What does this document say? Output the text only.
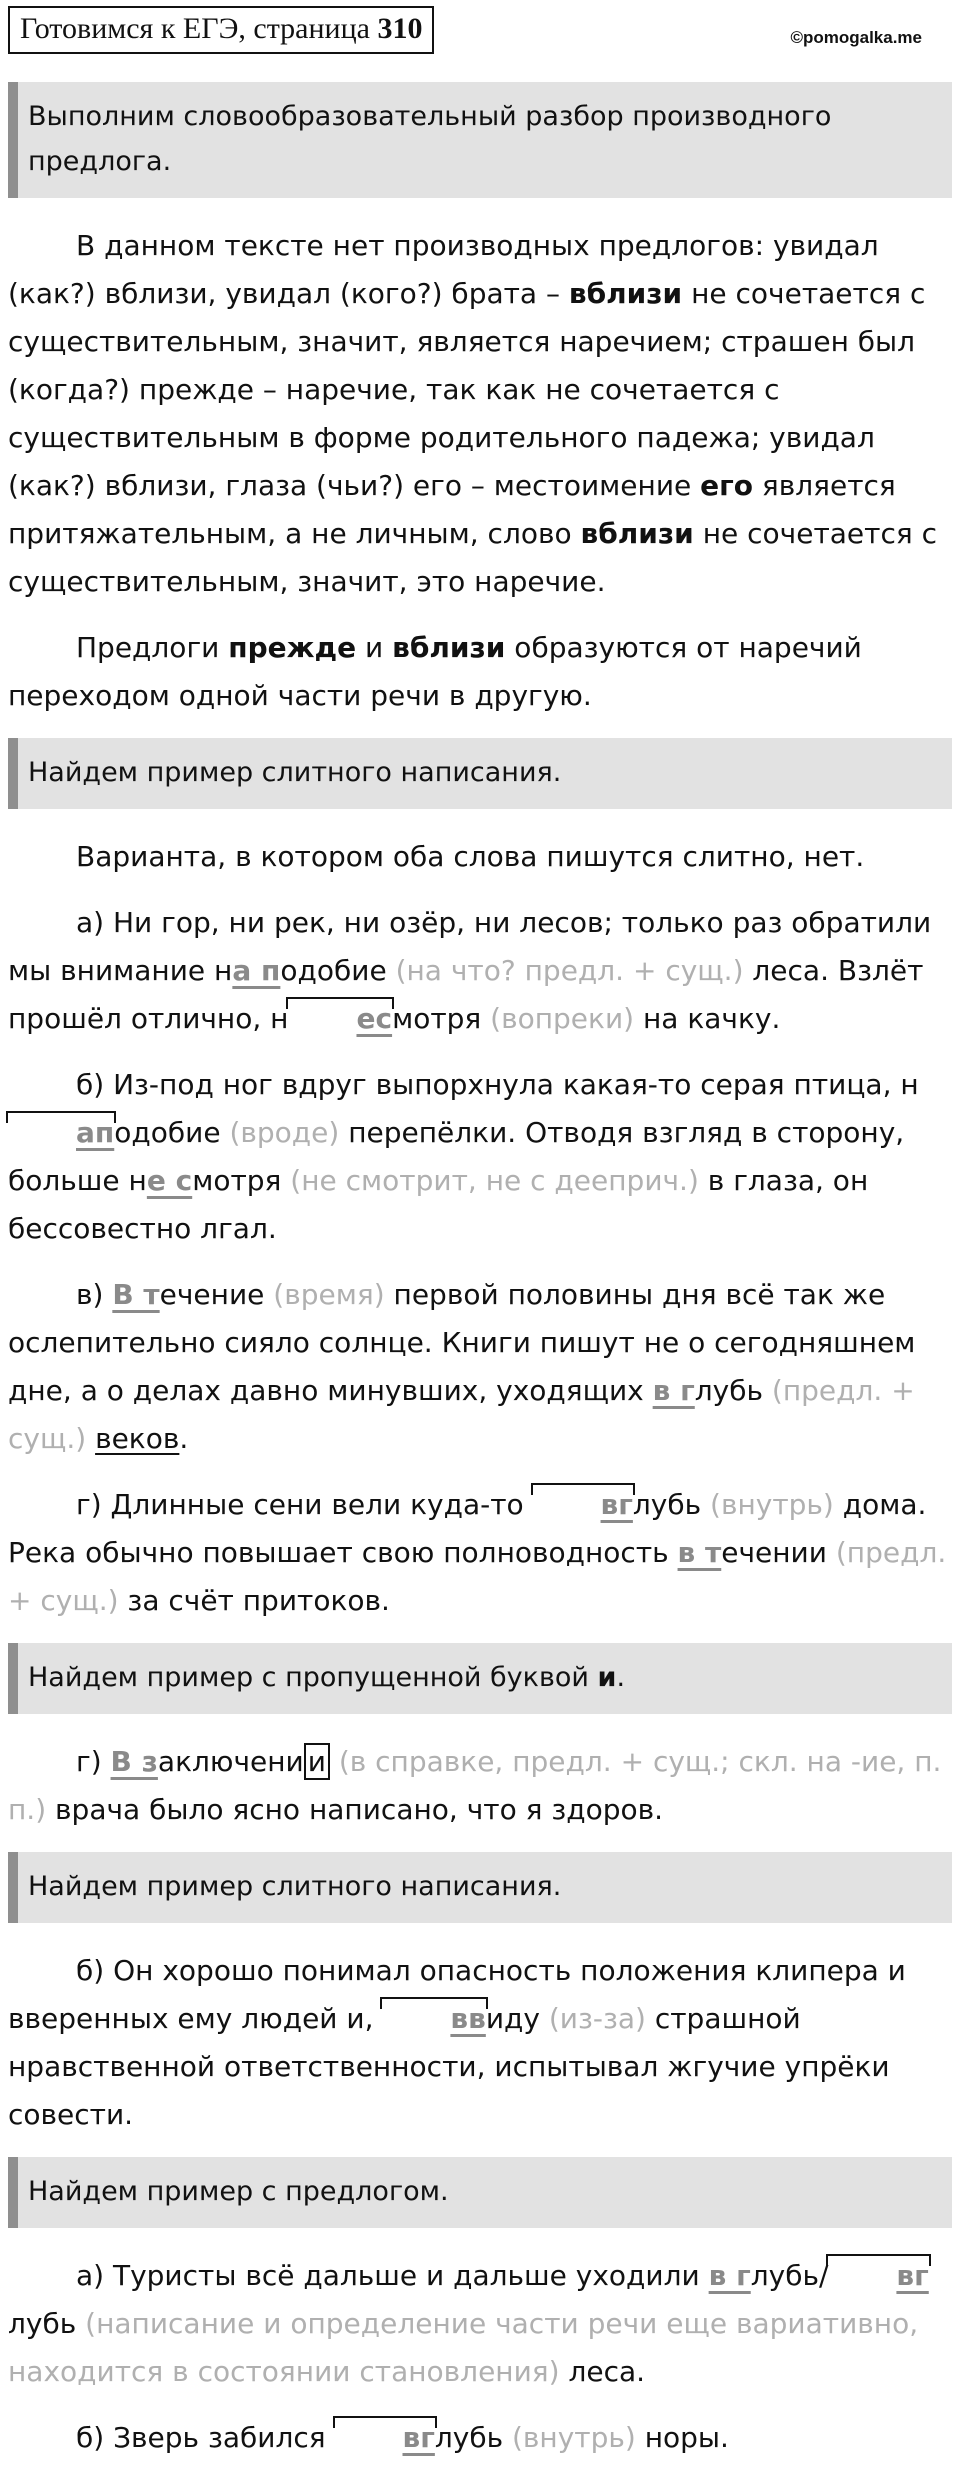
Готовимся к ЕГЭ, страница 310	©pomogalka.me
Выполним словообразовательный разбор производного предлога.

В данном тексте нет производных предлогов: увидал (как?) вблизи, увидал (кого?) брата – вблизи не сочетается с существительным, значит, является наречием; страшен был (когда?) прежде – наречие, так как не сочетается с существительным в форме родительного падежа; увидал (как?) вблизи, глаза (чьи?) его – местоимение его является притяжательным, а не личным, слово вблизи не сочетается с существительным, значит, это наречие.

Предлоги прежде и вблизи образуются от наречий переходом одной части речи в другую.

Найдем пример слитного написания.

Варианта, в котором оба слова пишутся слитно, нет.

а) Ни гор, ни рек, ни озёр, ни лесов; только раз обратили мы внимание на подобие (на что? предл. + сущ.) леса. Взлёт прошёл отлично, н есмотря (вопреки) на качку.

б) Из-под ног вдруг выпорхнула какая-то серая птица, наподобие (вроде) перепёлки. Отводя взгляд в сторону, больше не смотря (не смотрит, не с дееприч.) в глаза, он бессовестно лгал.

в) В течение (время) первой половины дня всё так же ослепительно сияло солнце. Книги пишут не о сегодняшнем дне, а о делах давно минувших, уходящих в глубь (предл. + сущ.) веков.

г) Длинные сени вели куда-то вглубь (внутрь) дома. Река обычно повышает свою полноводность в течении (предл. + сущ.) за счёт притоков.

Найдем пример с пропущенной буквой и.

г) В заключени и (в справке, предл. + сущ.; скл. на -ие, п. п.) врача было ясно написано, что я здоров.

Найдем пример слитного написания.

б) Он хорошо понимал опасность положения клипера и вверенных ему людей и, ввиду (из-за) страшной нравственной ответственности, испытывал жгучие упрёки совести.

Найдем пример с предлогом.

а) Туристы всё дальше и дальше уходили в глубь/ вглубь (написание и определение части речи еще вариативно, находится в состоянии становления) леса.

б) Зверь забился вглубь (внутрь) норы.
